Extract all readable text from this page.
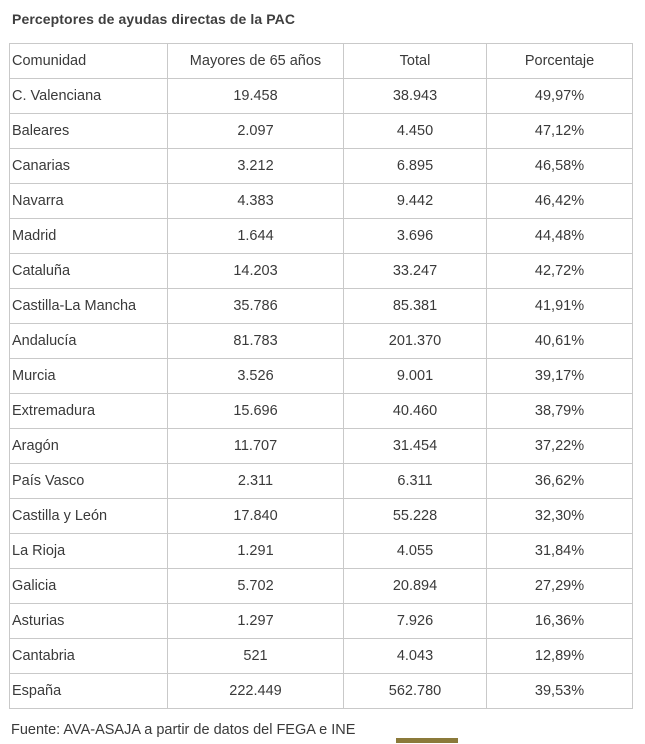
Perceptores de ayudas directas de la PAC
Comunidad	Mayores de 65 años	Total	Porcentaje
C. Valenciana	19.458	38.943	49,97%
Baleares	2.097	4.450	47,12%
Canarias	3.212	6.895	46,58%
Navarra	4.383	9.442	46,42%
Madrid	1.644	3.696	44,48%
Cataluña	14.203	33.247	42,72%
Castilla-La Mancha	35.786	85.381	41,91%
Andalucía	81.783	201.370	40,61%
Murcia	3.526	9.001	39,17%
Extremadura	15.696	40.460	38,79%
Aragón	11.707	31.454	37,22%
País Vasco	2.311	6.311	36,62%
Castilla y León	17.840	55.228	32,30%
La Rioja	1.291	4.055	31,84%
Galicia	5.702	20.894	27,29%
Asturias	1.297	7.926	16,36%
Cantabria	521	4.043	12,89%
España	222.449	562.780	39,53%
Fuente: AVA-ASAJA a partir de datos del FEGA e INE
